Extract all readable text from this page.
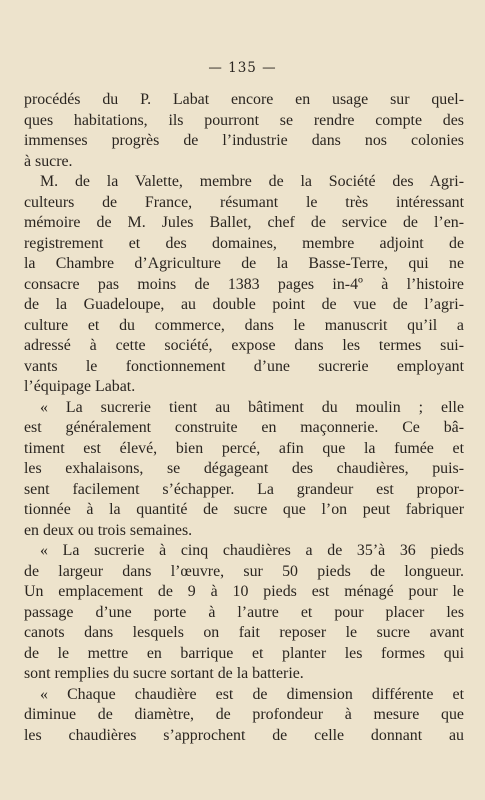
— 135 —
procédés du P. Labat encore en usage sur quel-
ques habitations, ils pourront se rendre compte des
immenses progrès de l’industrie dans nos colonies
à sucre.
M. de la Valette, membre de la Société des Agri-
culteurs de France, résumant le très intéressant
mémoire de M. Jules Ballet, chef de service de l’en-
registrement et des domaines, membre adjoint de
la Chambre d’Agriculture de la Basse-Terre, qui ne
consacre pas moins de 1383 pages in-4º à l’histoire
de la Guadeloupe, au double point de vue de l’agri-
culture et du commerce, dans le manuscrit qu’il a
adressé à cette société, expose dans les termes sui-
vants le fonctionnement d’une sucrerie employant
l’équipage Labat.
« La sucrerie tient au bâtiment du moulin ; elle
est généralement construite en maçonnerie. Ce bâ-
timent est élevé, bien percé, afin que la fumée et
les exhalaisons, se dégageant des chaudières, puis-
sent facilement s’échapper. La grandeur est propor-
tionnée à la quantité de sucre que l’on peut fabriquer
en deux ou trois semaines.
« La sucrerie à cinq chaudières a de 35’à 36 pieds
de largeur dans l’œuvre, sur 50 pieds de longueur.
Un emplacement de 9 à 10 pieds est ménagé pour le
passage d’une porte à l’autre et pour placer les
canots dans lesquels on fait reposer le sucre avant
de le mettre en barrique et planter les formes qui
sont remplies du sucre sortant de la batterie.
« Chaque chaudière est de dimension différente et
diminue de diamètre, de profondeur à mesure que
les chaudières s’approchent de celle donnant au
